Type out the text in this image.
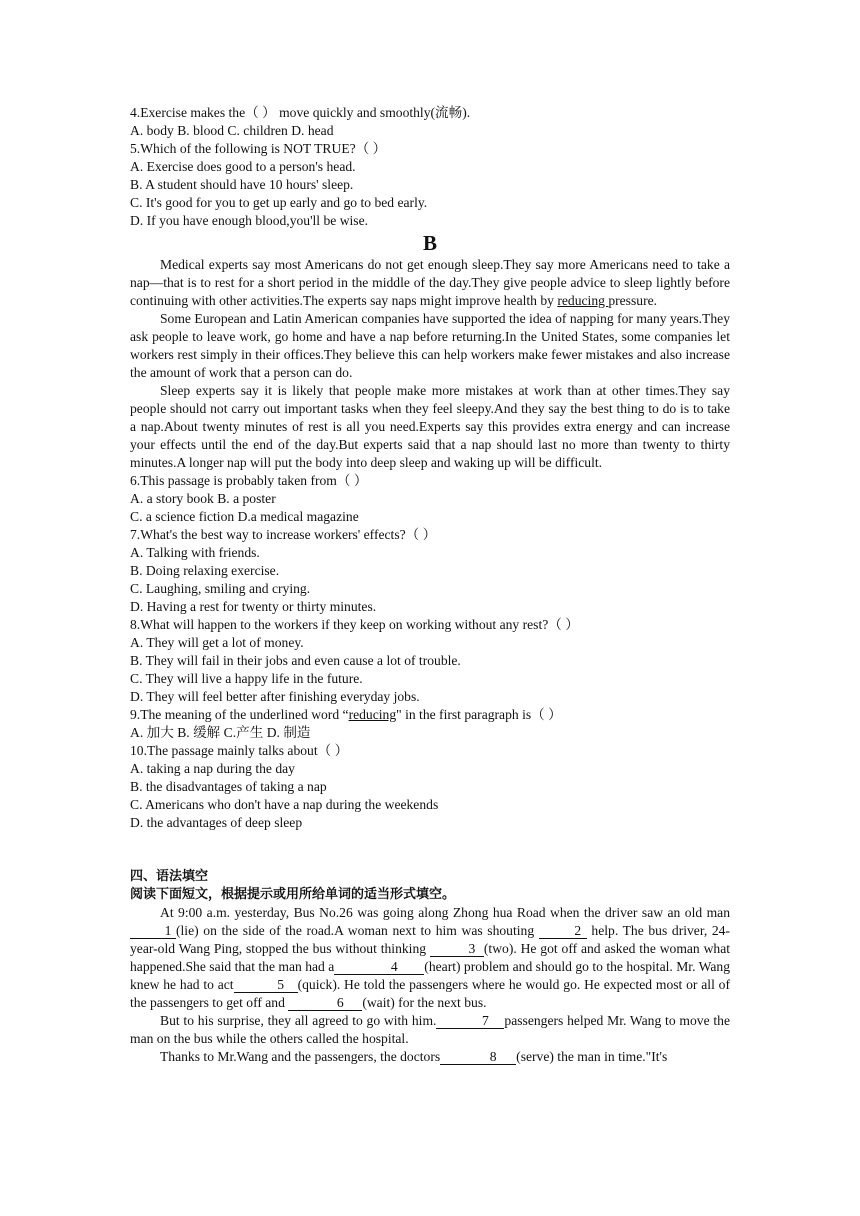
4.Exercise makes the（ ） move quickly and smoothly(流畅).
A. body B. blood C. children D. head
5.Which of the following is NOT TRUE?（ ）
A. Exercise does good to a person's head.
B. A student should have 10 hours' sleep.
C. It's good for you to get up early and go to bed early.
D. If you have enough blood,you'll be wise.
B

Medical experts say most Americans do not get enough sleep.They say more Americans need to take a nap—that is to rest for a short period in the middle of the day.They give people advice to sleep lightly before continuing with other activities.The experts say naps might improve health by reducing pressure.

Some European and Latin American companies have supported the idea of napping for many years.They ask people to leave work, go home and have a nap before returning.In the United States, some companies let workers rest simply in their offices.They believe this can help workers make fewer mistakes and also increase the amount of work that a person can do.

Sleep experts say it is likely that people make more mistakes at work than at other times.They say people should not carry out important tasks when they feel sleepy.And they say the best thing to do is to take a nap.About twenty minutes of rest is all you need.Experts say this provides extra energy and can increase your effects until the end of the day.But experts said that a nap should last no more than twenty to thirty minutes.A longer nap will put the body into deep sleep and waking up will be difficult.

6.This passage is probably taken from（ ）
A. a story book B. a poster
C. a science fiction D.a medical magazine
7.What's the best way to increase workers' effects?（ ）
A. Talking with friends.
B. Doing relaxing exercise.
C. Laughing, smiling and crying.
D. Having a rest for twenty or thirty minutes.
8.What will happen to the workers if they keep on working without any rest?（ ）
A. They will get a lot of money.
B. They will fail in their jobs and even cause a lot of trouble.
C. They will live a happy life in the future.
D. They will feel better after finishing everyday jobs.
9.The meaning of the underlined word “reducing" in the first paragraph is（ ）
A. 加大 B. 缓解 C.产生 D. 制造
10.The passage mainly talks about（ ）
A. taking a nap during the day
B. the disadvantages of taking a nap
C. Americans who don't have a nap during the weekends
D. the advantages of deep sleep
四、语法填空
阅读下面短文，根据提示或用所给单词的适当形式填空。

At 9:00 a.m. yesterday, Bus No.26 was going along Zhong hua Road when the driver saw an old man1 (lie) on the side of the road.A woman next to him was shouting	2 help. The bus driver, 24-year-old Wang Ping, stopped the bus without thinking	3 (two). He got off and asked the woman what happened.She said that the man had a	4 (heart) problem and should go to the hospital. Mr. Wang knew he had to act	5 (quick). He told the passengers where he would go. He expected most or all of the passengers to get off and	6 (wait) for the next bus.

But to his surprise, they all agreed to go with him.	7 passengers helped Mr. Wang to move the man on the bus while the others called the hospital.

Thanks to Mr.Wang and the passengers, the doctors	8 (serve) the man in time."It's
